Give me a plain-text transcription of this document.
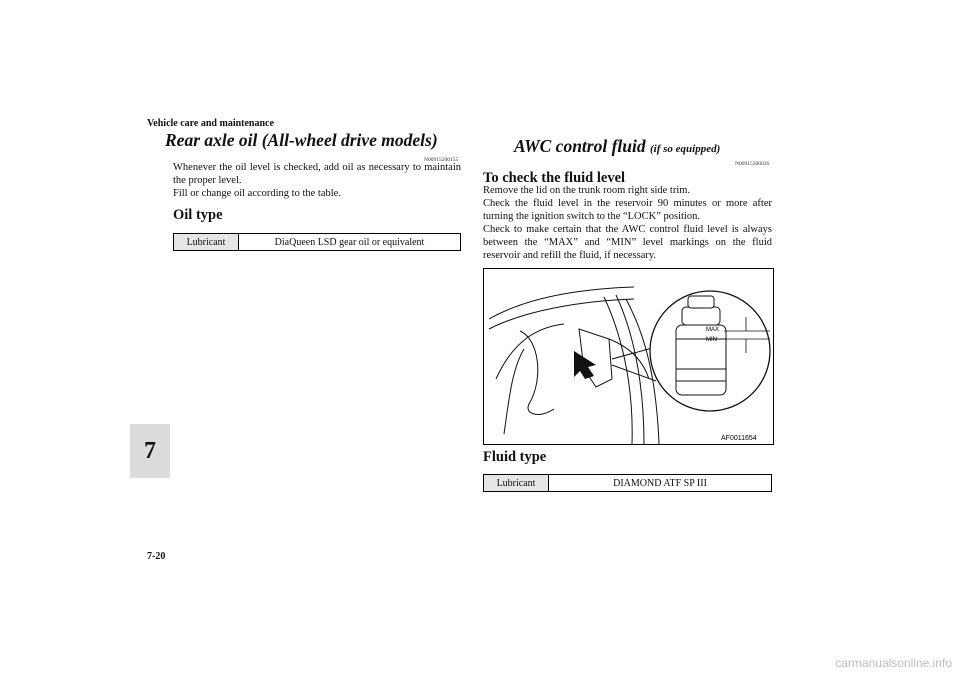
Vehicle care and maintenance
Rear axle oil (All-wheel drive models)
N00915200155
Whenever the oil level is checked, add oil as necessary to maintain the proper level.
Fill or change oil according to the table.
Oil type
Lubricant	DiaQueen LSD gear oil or equivalent
AWC control fluid (if so equipped)
N00915300026
To check the fluid level
Remove the lid on the trunk room right side trim.
Check the fluid level in the reservoir 90 minutes or more after turning the ignition switch to the “LOCK” position.
Check to make certain that the AWC control fluid level is always between the “MAX” and “MIN” level markings on the fluid reservoir and refill the fluid, if necessary.
MAX
MIN
AF0011654
Fluid type
Lubricant	DIAMOND ATF SP III
7
7-20
carmanualsonline.info
